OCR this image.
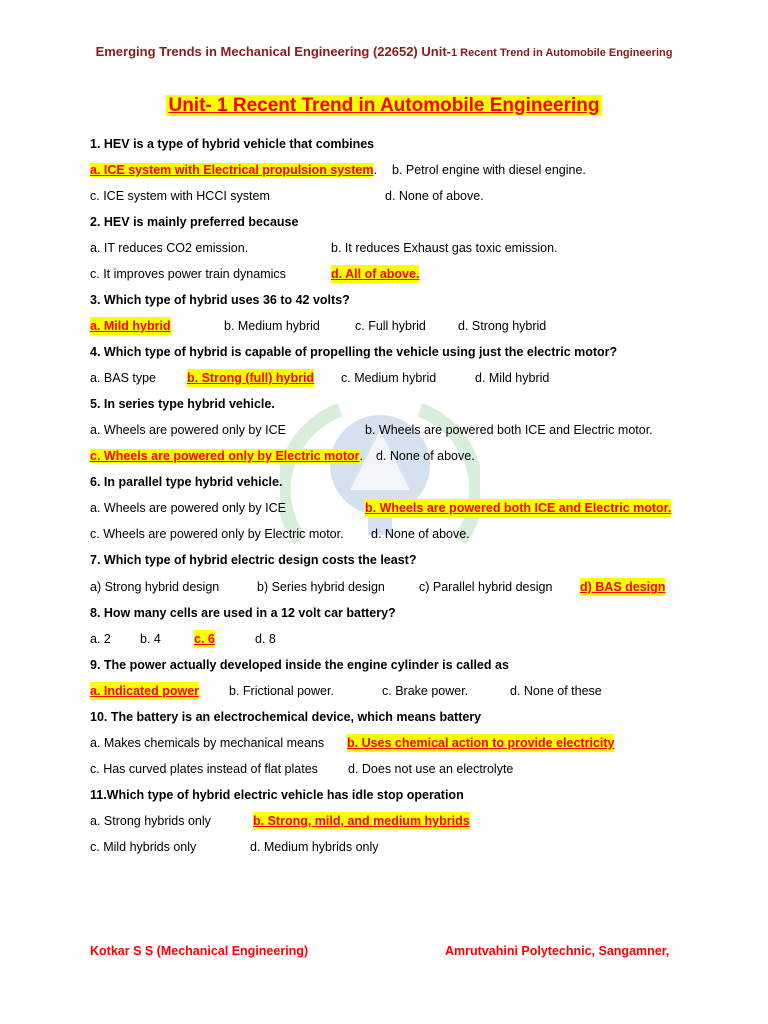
Emerging Trends in Mechanical Engineering (22652) Unit-1 Recent Trend in Automobile Engineering
Unit- 1 Recent Trend in Automobile Engineering
1. HEV is a type of hybrid vehicle that combines
a. ICE system with Electrical propulsion system. b. Petrol engine with diesel engine.
c. ICE system with HCCI system	d. None of above.
2. HEV is mainly preferred because
a. IT reduces CO2 emission.	b. It reduces Exhaust gas toxic emission.
c. It improves power train dynamics	d. All of above.
3. Which type of hybrid uses 36 to 42 volts?
a. Mild hybrid	b. Medium hybrid	c. Full hybrid	d. Strong hybrid
4. Which type of hybrid is capable of propelling the vehicle using just the electric motor?
a. BAS type b. Strong (full) hybrid c. Medium hybrid	d. Mild hybrid
5. In series type hybrid vehicle.
a. Wheels are powered only by ICE	b. Wheels are powered both ICE and Electric motor.
c. Wheels are powered only by Electric motor. d. None of above.
6. In parallel type hybrid vehicle.
a. Wheels are powered only by ICE	b. Wheels are powered both ICE and Electric motor.
c. Wheels are powered only by Electric motor. d. None of above.
7. Which type of hybrid electric design costs the least?
a) Strong hybrid design	b) Series hybrid design	c) Parallel hybrid design d) BAS design
8. How many cells are used in a 12 volt car battery?
a. 2 b. 4	c. 6	d. 8
9. The power actually developed inside the engine cylinder is called as
a. Indicated power b. Frictional power.	c. Brake power.	d. None of these
10. The battery is an electrochemical device, which means battery
a. Makes chemicals by mechanical means b. Uses chemical action to provide electricity
c. Has curved plates instead of flat plates d. Does not use an electrolyte
11.Which type of hybrid electric vehicle has idle stop operation
a. Strong hybrids only	b. Strong, mild, and medium hybrids
c. Mild hybrids only	d. Medium hybrids only
Kotkar S S (Mechanical Engineering)	Amrutvahini Polytechnic, Sangamner,
